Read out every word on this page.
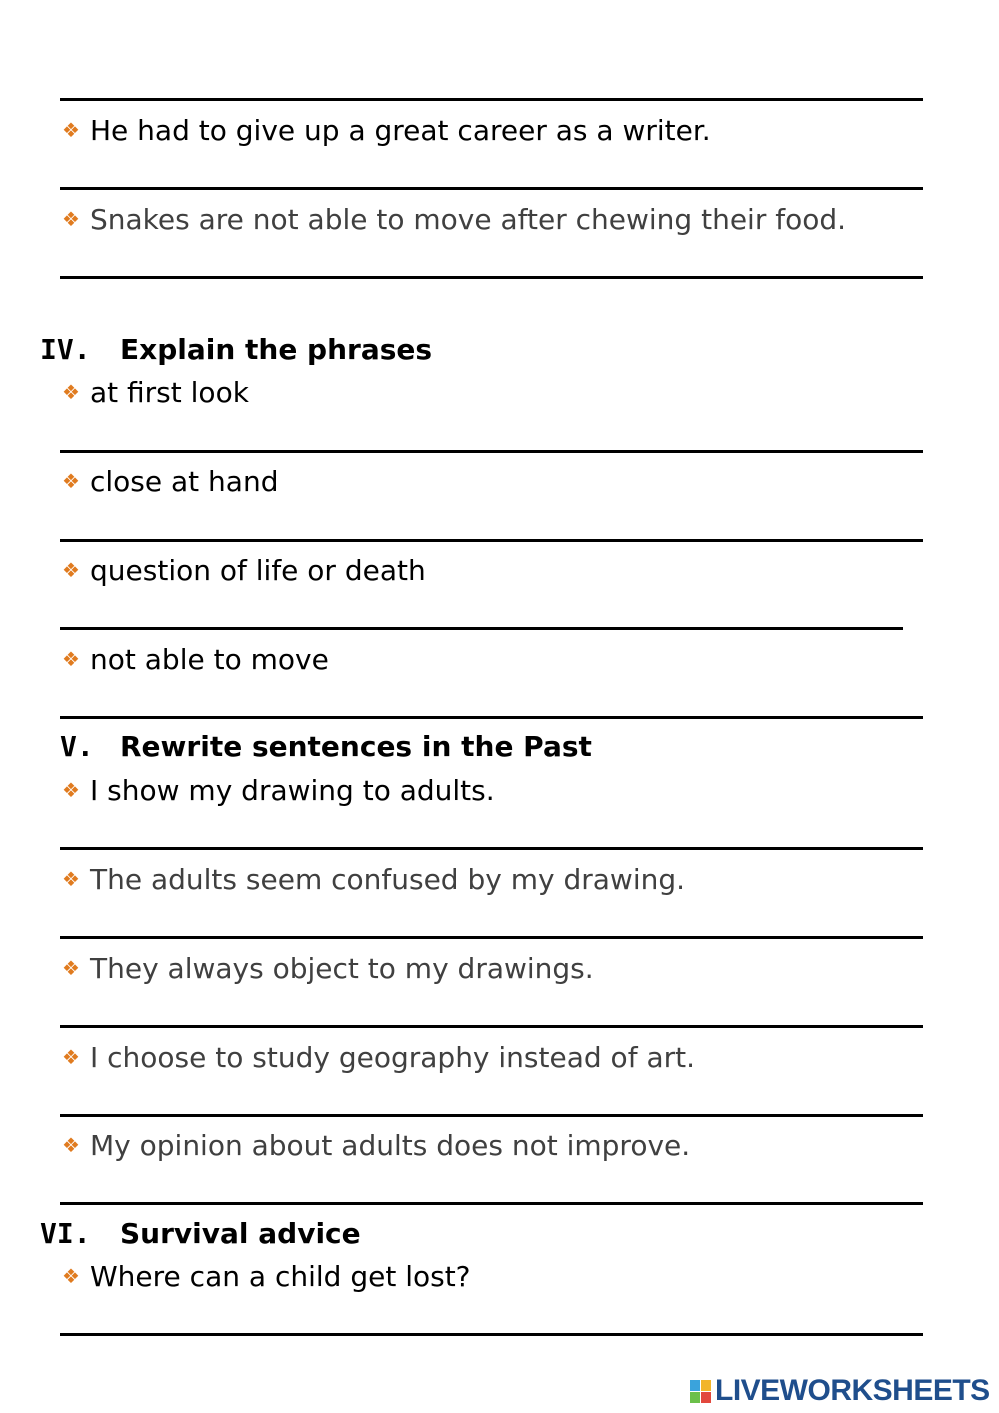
❖ He had to give up a great career as a writer.
❖ Snakes are not able to move after chewing their food.
IV. Explain the phrases
❖ at first look
❖ close at hand
❖ question of life or death
❖ not able to move
V. Rewrite sentences in the Past
❖ I show my drawing to adults.
❖ The adults seem confused by my drawing.
❖ They always object to my drawings.
❖ I choose to study geography instead of art.
❖ My opinion about adults does not improve.
VI. Survival advice
❖ Where can a child get lost?
LIVEWORKSHEETS
